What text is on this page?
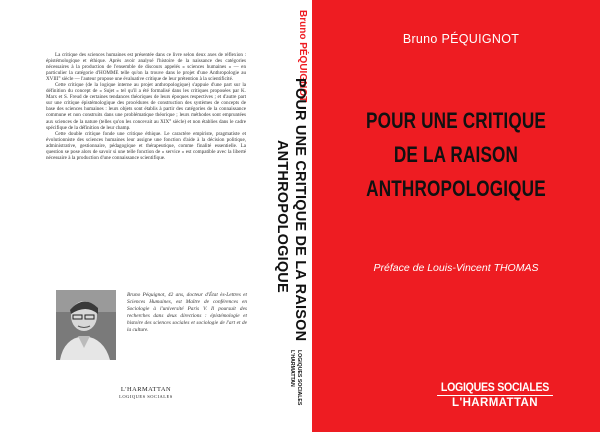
La critique des sciences humaines est présentée dans ce livre selon deux axes de réflexion : épistémologique et éthique. Après avoir analysé l'histoire de la naissance des catégories nécessaires à la production de l'ensemble de discours appelés « sciences humaines » — en particulier la catégorie d'HOMME telle qu'on la trouve dans le projet d'une Anthropologie au XVIII° siècle — l'auteur propose une évaluative critique de leur prétention à la scientificité.

Cette critique (de la logique interne au projet anthropologique) s'appuie d'une part sur la définition du concept de « Sujet » tel qu'il a été formalisé dans les critiques proposées par K. Marx et S. Freud de certaines tendances théoriques de leurs époques respectives ; et d'autre part sur une critique épistémologique des procédures de construction des systèmes de concepts de base des sciences humaines : leurs objets sont établis à partir des catégories de la connaissance commune et non construits dans une problématique théorique ; leurs méthodes sont empruntées aux sciences de la nature (telles qu'on les concevait au XIX° siècle) et non établies dans le cadre spécifique de la définition de leur champ.

Cette double critique fonde une critique éthique. Le caractère empiriste, pragmatiste et évolutionniste des sciences humaines leur assigne une fonction d'aide à la décision politique, administrative, gestionnaire, pédagogique et thérapeutique, comme finalité essentielle. La question se pose alors de savoir si une telle fonction de « service » est compatible avec la liberté nécessaire à la production d'une connaissance scientifique.

Bruno Péquignot, 42 ans, docteur d'État ès-Lettres et Sciences Humaines, est Maître de conférences en Sociologie à l'université Paris V. Il poursuit des recherches dans deux directions : épistémologie et histoire des sciences sociales et sociologie de l'art et de la culture.
L'HARMATTAN
LOGIQUES SOCIALES
Bruno PÉQUIGNOT
POUR UNE CRITIQUE DE LA RAISON
ANTHROPOLOGIQUE
LOGIQUES SOCIALES
L'HARMATTAN
Bruno PÉQUIGNOT
POUR UNE CRITIQUE
DE LA RAISON
ANTHROPOLOGIQUE
Préface de Louis-Vincent THOMAS
LOGIQUES SOCIALES
L'HARMATTAN
